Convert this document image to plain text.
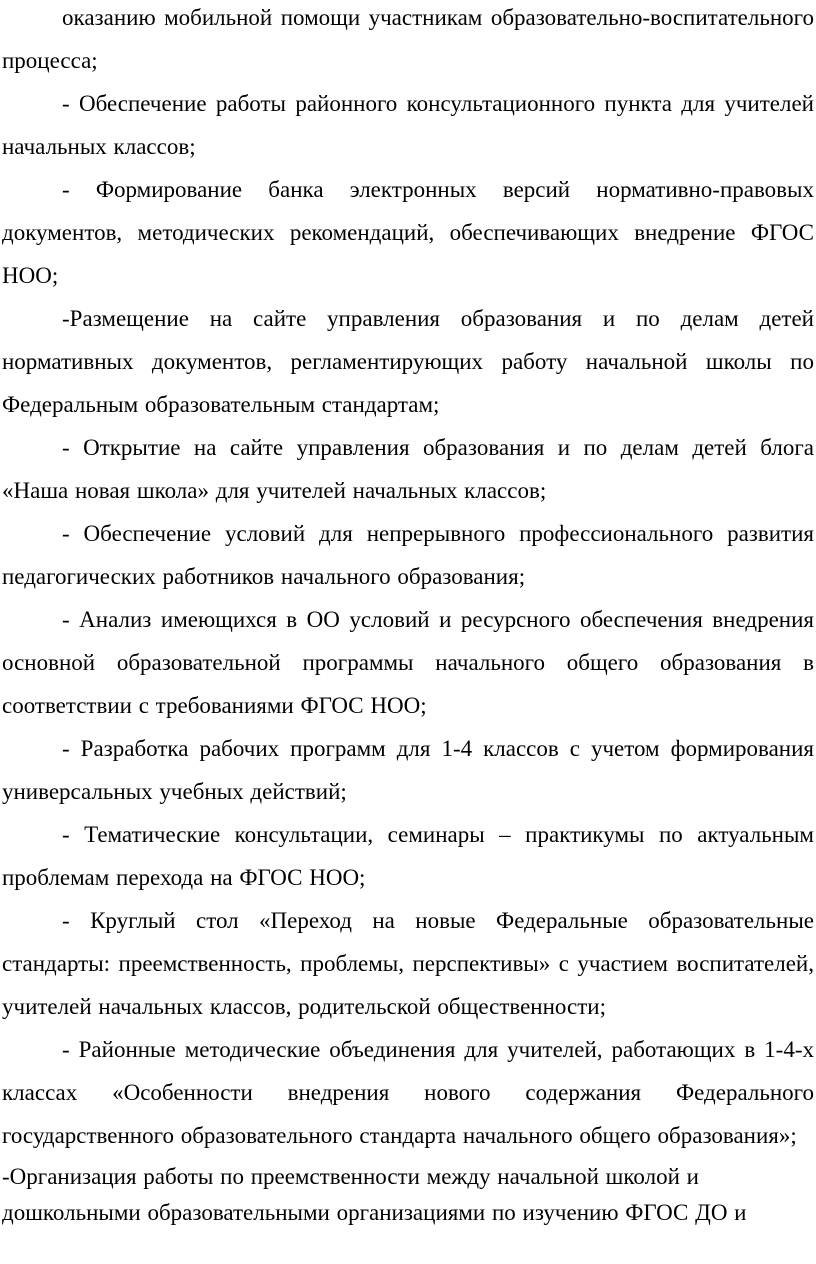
оказанию мобильной помощи участникам образовательно-воспитательного процесса;

- Обеспечение работы районного консультационного пункта для учителей начальных классов;

- Формирование банка электронных версий нормативно-правовых документов, методических рекомендаций, обеспечивающих внедрение ФГОС НОО;

-Размещение на сайте управления образования и по делам детей нормативных документов, регламентирующих работу начальной школы по Федеральным образовательным стандартам;

- Открытие на сайте управления образования и по делам детей блога «Наша новая школа» для учителей начальных классов;

- Обеспечение условий для непрерывного профессионального развития педагогических работников начального образования;

- Анализ имеющихся в ОО условий и ресурсного обеспечения внедрения основной образовательной программы начального общего образования в соответствии с требованиями ФГОС НОО;

- Разработка рабочих программ для 1-4 классов с учетом формирования универсальных учебных действий;

- Тематические консультации, семинары – практикумы по актуальным проблемам перехода на ФГОС НОО;

- Круглый стол «Переход на новые Федеральные образовательные стандарты: преемственность, проблемы, перспективы» с участием воспитателей, учителей начальных классов, родительской общественности;

- Районные методические объединения для учителей, работающих в 1-4-х классах «Особенности внедрения нового содержания Федерального государственного образовательного стандарта начального общего образования»;

-Организация работы по преемственности между начальной школой и дошкольными образовательными организациями по изучению ФГОС ДО и
